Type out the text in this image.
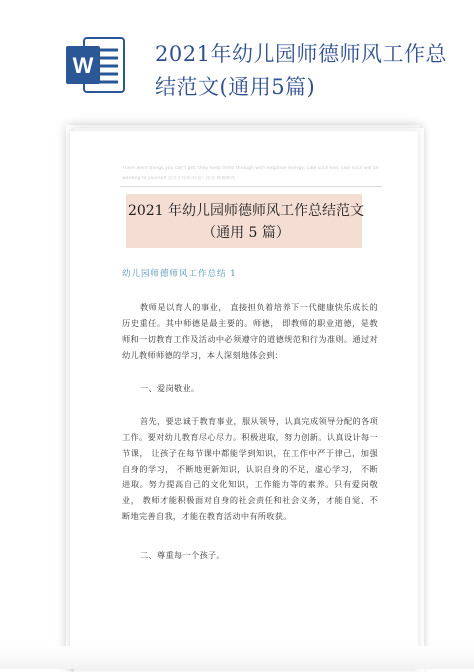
W	2021年幼儿园师德师风工作总结范文(通用5篇)
There were things you can't get, they keep them through with negative energy, Like such line, Like such will be
wanting to yourself 范文小作用 标签：范文 师德师风
2021 年幼儿园师德师风工作总结范文（通用 5 篇）
幼儿园师德师风工作总结 1

教师是以育人的事业， 直接担负着培养下一代健康快乐成长的历史重任。其中师德是最主要的。师德， 即教师的职业道德，是教师和一切教育工作及活动中必须遵守的道德规范和行为准则。通过对幼儿教师师德的学习，本人深刻地体会到：

一、爱岗敬业。

首先，要忠诚于教育事业，服从领导，认真完成领导分配的各项工作。要对幼儿教育尽心尽力。积极进取，努力创新。认真设计每一节课， 让孩子在每节课中都能学到知识，在工作中严于律己，加强自身的学习， 不断地更新知识，认识自身的不足，虚心学习， 不断进取。努力提高自己的文化知识，工作能力等的素养。只有爱岗敬业， 教师才能积极面对自身的社会责任和社会义务，才能自觉、不断地完善自我，才能在教育活动中有所收获。

二、尊重每一个孩子。
